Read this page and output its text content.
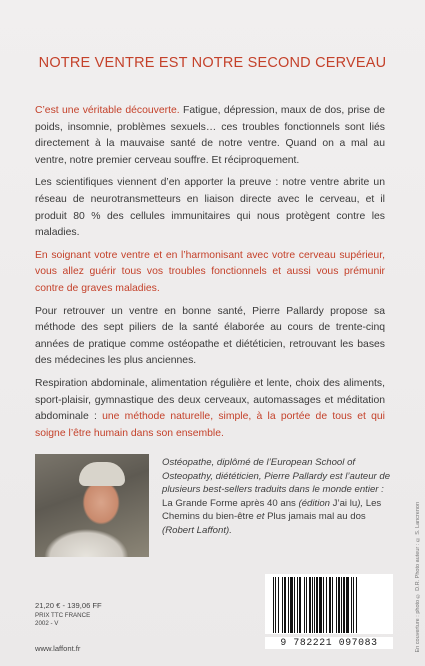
NOTRE VENTRE EST NOTRE SECOND CERVEAU

C’est une véritable découverte. Fatigue, dépression, maux de dos, prise de poids, insomnie, problèmes sexuels… ces troubles fonctionnels sont liés directement à la mauvaise santé de notre ventre. Quand on a mal au ventre, notre premier cerveau souffre. Et réciproquement.

Les scientifiques viennent d’en apporter la preuve : notre ventre abrite un réseau de neurotransmetteurs en liaison directe avec le cerveau, et il produit 80 % des cellules immunitaires qui nous protègent contre les maladies.

En soignant votre ventre et en l’harmonisant avec votre cerveau supérieur, vous allez guérir tous vos troubles fonctionnels et aussi vous prémunir contre de graves maladies.

Pour retrouver un ventre en bonne santé, Pierre Pallardy propose sa méthode des sept piliers de la santé élaborée au cours de trente-cinq années de pratique comme ostéopathe et diététicien, retrouvant les bases des médecines les plus anciennes.

Respiration abdominale, alimentation régulière et lente, choix des aliments, sport-plaisir, gymnastique des deux cerveaux, automassages et méditation abdominale : une méthode naturelle, simple, à la portée de tous et qui soigne l’être humain dans son ensemble.

Ostéopathe, diplômé de l’European School of Osteopathy, diététicien, Pierre Pallardy est l’auteur de plusieurs best-sellers traduits dans le monde entier : La Grande Forme après 40 ans (édition J’ai lu), Les Chemins du bien-être et Plus jamais mal au dos (Robert Laffont).
21,20 € - 139,06 FF
PRIX TTC FRANCE
2002 - V
www.laffont.fr
9 782221 097083	En couverture : photo © D.R. Photo auteur : © S. Lancrenon
